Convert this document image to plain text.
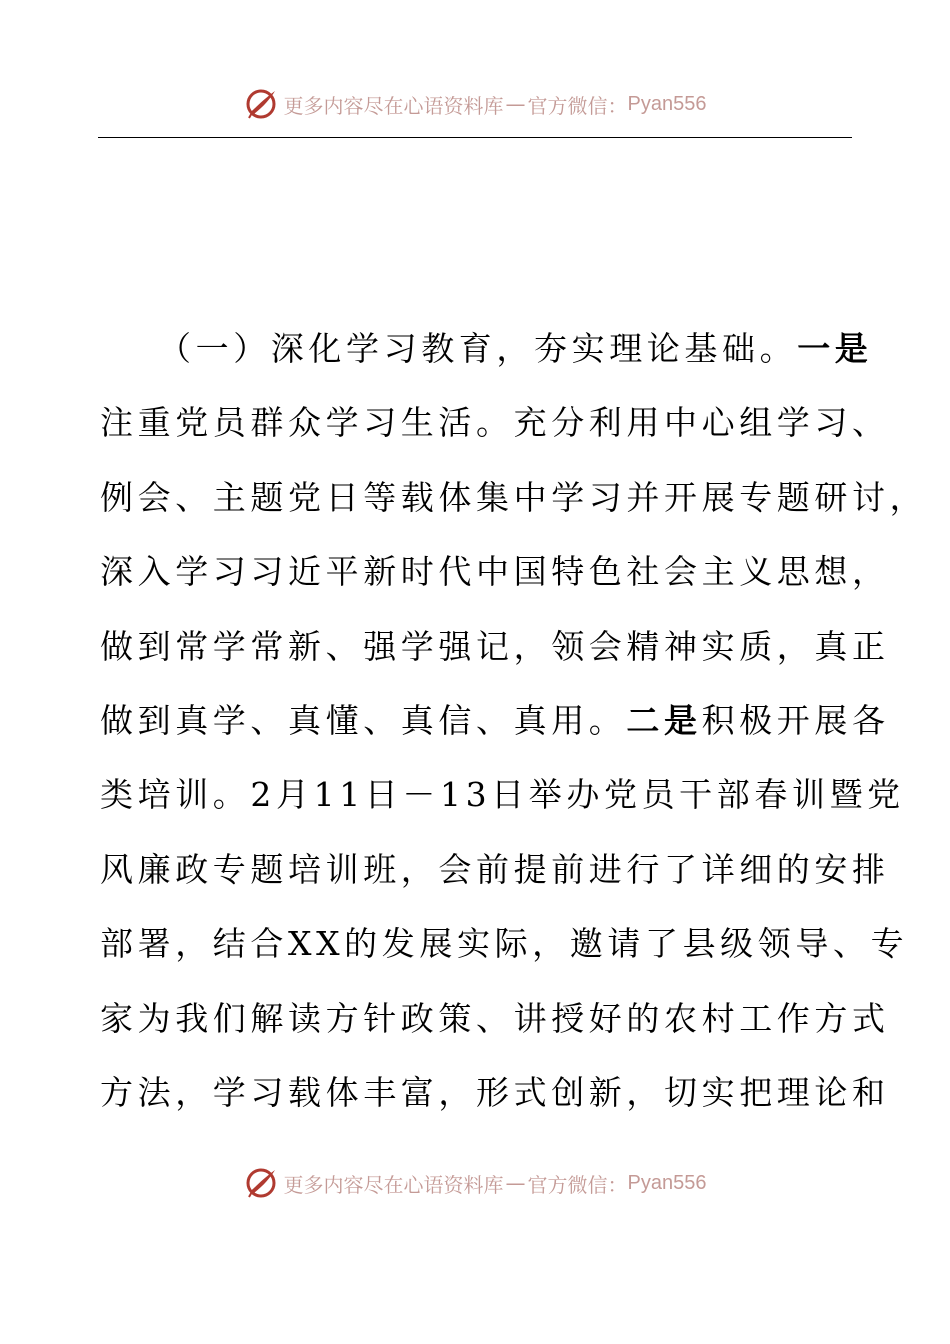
更多内容尽在心语资料库 — 官方微信： Pyan556
（一）深化学习教育，夯实理论基础。一是
注重党员群众学习生活。充分利用中心组学习、
例会、主题党日等载体集中学习并开展专题研讨，
深入学习习近平新时代中国特色社会主义思想，
做到常学常新、强学强记，领会精神实质，真正
做到真学、真懂、真信、真用。二是积极开展各
类培训。2月11日－13日举办党员干部春训暨党
风廉政专题培训班，会前提前进行了详细的安排
部署，结合XX的发展实际，邀请了县级领导、专
家为我们解读方针政策、讲授好的农村工作方式
方法，学习载体丰富，形式创新，切实把理论和
更多内容尽在心语资料库 — 官方微信： Pyan556
